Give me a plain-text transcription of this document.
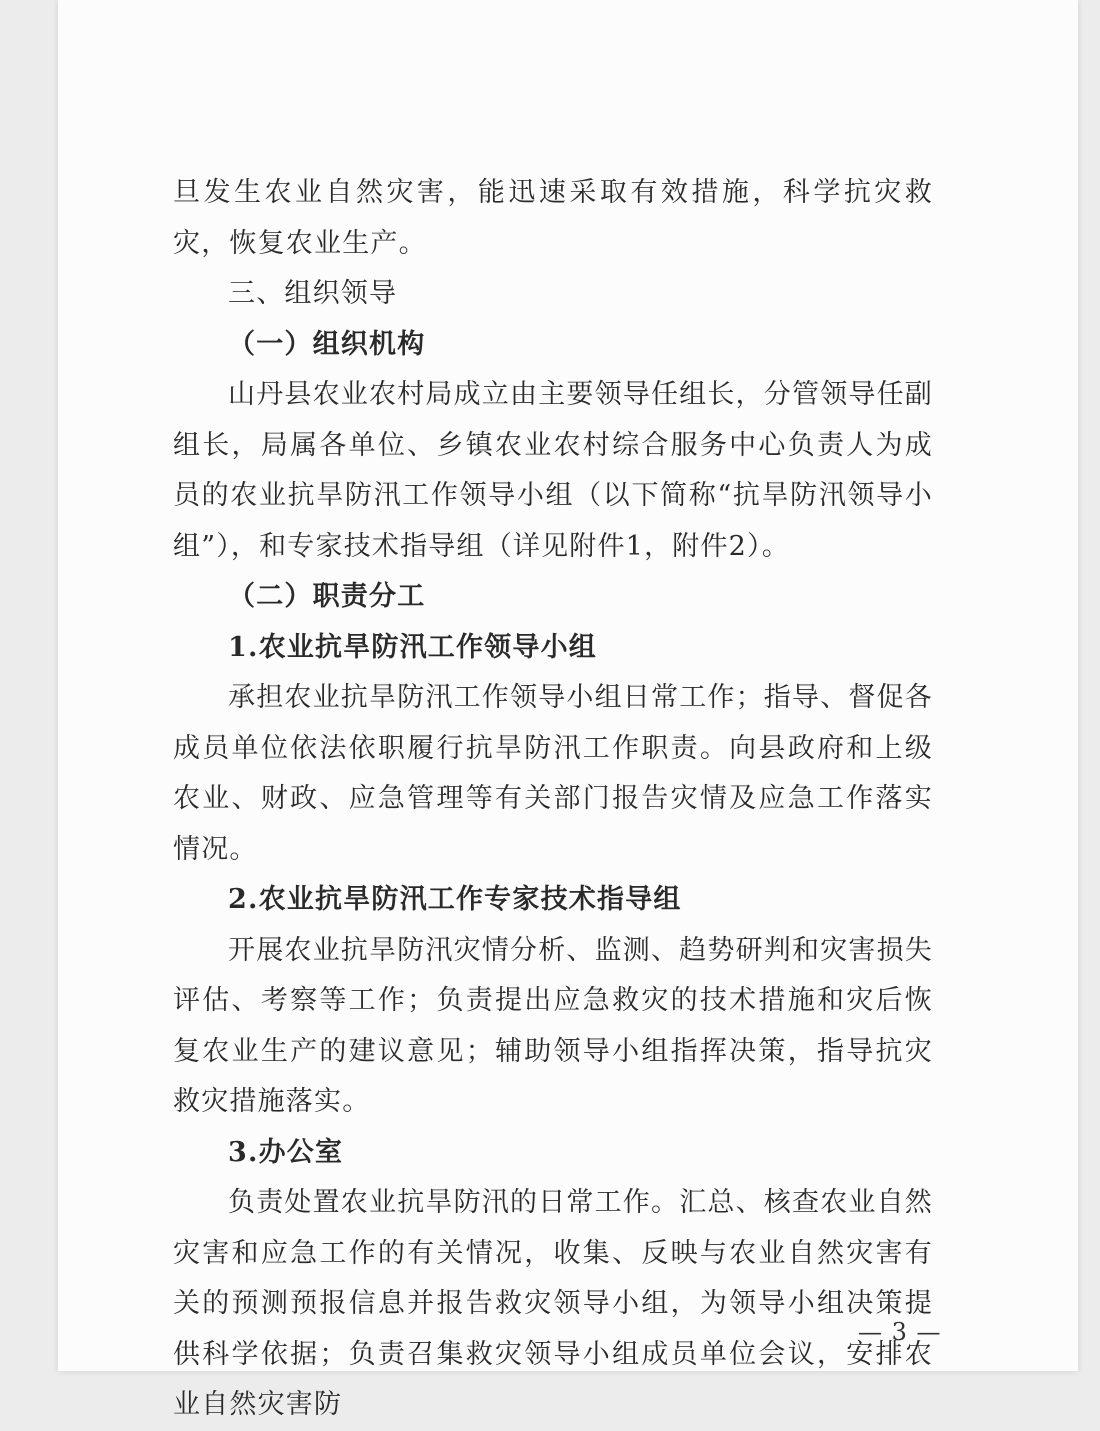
旦发生农业自然灾害，能迅速采取有效措施，科学抗灾救灾，恢复农业生产。

三、组织领导

（一）组织机构

山丹县农业农村局成立由主要领导任组长，分管领导任副组长，局属各单位、乡镇农业农村综合服务中心负责人为成员的农业抗旱防汛工作领导小组（以下简称“抗旱防汛领导小组”），和专家技术指导组（详见附件1，附件2）。

（二）职责分工

1.农业抗旱防汛工作领导小组

承担农业抗旱防汛工作领导小组日常工作；指导、督促各成员单位依法依职履行抗旱防汛工作职责。向县政府和上级农业、财政、应急管理等有关部门报告灾情及应急工作落实情况。

2.农业抗旱防汛工作专家技术指导组

开展农业抗旱防汛灾情分析、监测、趋势研判和灾害损失评估、考察等工作；负责提出应急救灾的技术措施和灾后恢复农业生产的建议意见；辅助领导小组指挥决策，指导抗灾救灾措施落实。

3.办公室

负责处置农业抗旱防汛的日常工作。汇总、核查农业自然灾害和应急工作的有关情况，收集、反映与农业自然灾害有关的预测预报信息并报告救灾领导小组，为领导小组决策提供科学依据；负责召集救灾领导小组成员单位会议，安排农业自然灾害防

— 3 —
